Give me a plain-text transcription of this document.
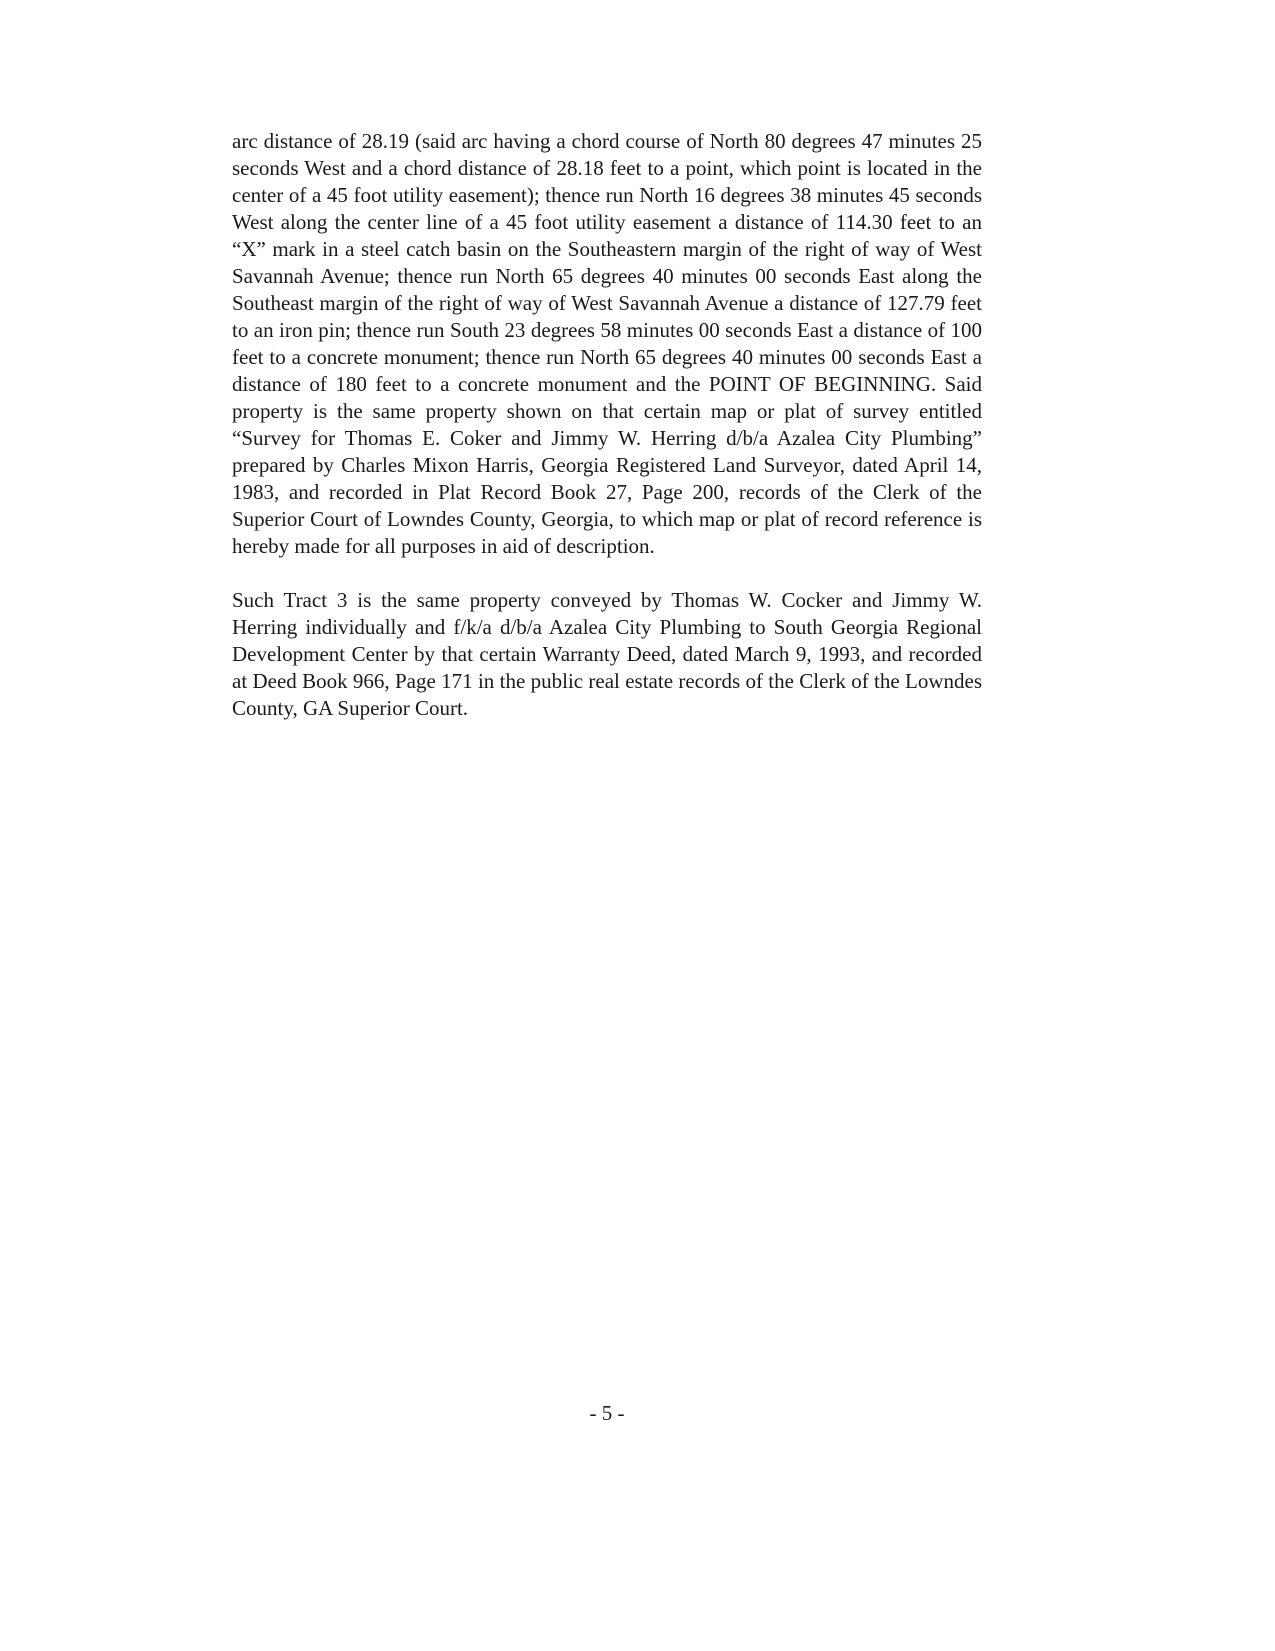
arc distance of 28.19 (said arc having a chord course of North 80 degrees 47 minutes 25 seconds West and a chord distance of 28.18 feet to a point, which point is located in the center of a 45 foot utility easement); thence run North 16 degrees 38 minutes 45 seconds West along the center line of a 45 foot utility easement a distance of 114.30 feet to an “X” mark in a steel catch basin on the Southeastern margin of the right of way of West Savannah Avenue; thence run North 65 degrees 40 minutes 00 seconds East along the Southeast margin of the right of way of West Savannah Avenue a distance of 127.79 feet to an iron pin; thence run South 23 degrees 58 minutes 00 seconds East a distance of 100 feet to a concrete monument; thence run North 65 degrees 40 minutes 00 seconds East a distance of 180 feet to a concrete monument and the POINT OF BEGINNING. Said property is the same property shown on that certain map or plat of survey entitled “Survey for Thomas E. Coker and Jimmy W. Herring d/b/a Azalea City Plumbing” prepared by Charles Mixon Harris, Georgia Registered Land Surveyor, dated April 14, 1983, and recorded in Plat Record Book 27, Page 200, records of the Clerk of the Superior Court of Lowndes County, Georgia, to which map or plat of record reference is hereby made for all purposes in aid of description.

Such Tract 3 is the same property conveyed by Thomas W. Cocker and Jimmy W. Herring individually and f/k/a d/b/a Azalea City Plumbing to South Georgia Regional Development Center by that certain Warranty Deed, dated March 9, 1993, and recorded at Deed Book 966, Page 171 in the public real estate records of the Clerk of the Lowndes County, GA Superior Court.

- 5 -
